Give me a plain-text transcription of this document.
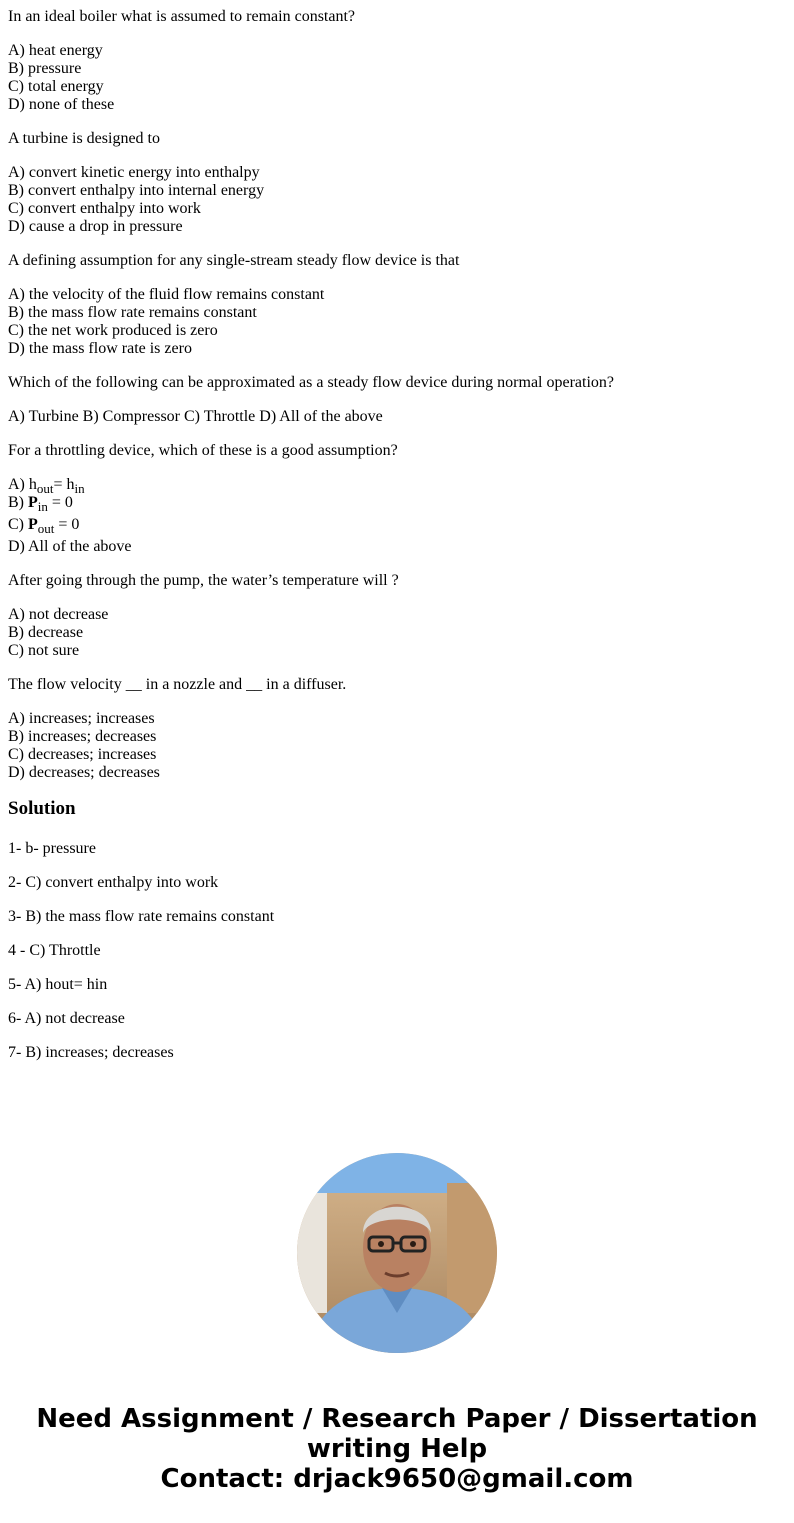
In an ideal boiler what is assumed to remain constant?

A) heat energy
B) pressure
C) total energy
D) none of these

A turbine is designed to

A) convert kinetic energy into enthalpy
B) convert enthalpy into internal energy
C) convert enthalpy into work
D) cause a drop in pressure

A defining assumption for any single-stream steady flow device is that

A) the velocity of the fluid flow remains constant
B) the mass flow rate remains constant
C) the net work produced is zero
D) the mass flow rate is zero

Which of the following can be approximated as a steady flow device during normal operation?

A) Turbine B) Compressor C) Throttle D) All of the above

For a throttling device, which of these is a good assumption?

A) $h_{out}= h_{in}$
B) $P_{in} = 0$
C) $P_{out} = 0$
D) All of the above

After going through the pump, the water’s temperature will ?

A) not decrease
B) decrease
C) not sure

The flow velocity __ in a nozzle and __ in a diffuser.

A) increases; increases
B) increases; decreases
C) decreases; increases
D) decreases; decreases

Solution

1- b- pressure

2- C) convert enthalpy into work

3- B) the mass flow rate remains constant

4 - C) Throttle

5- A) hout= hin

6- A) not decrease

7- B) increases; decreases

Need Assignment / Research Paper / Dissertation
writing Help
Contact: drjack9650@gmail.com
